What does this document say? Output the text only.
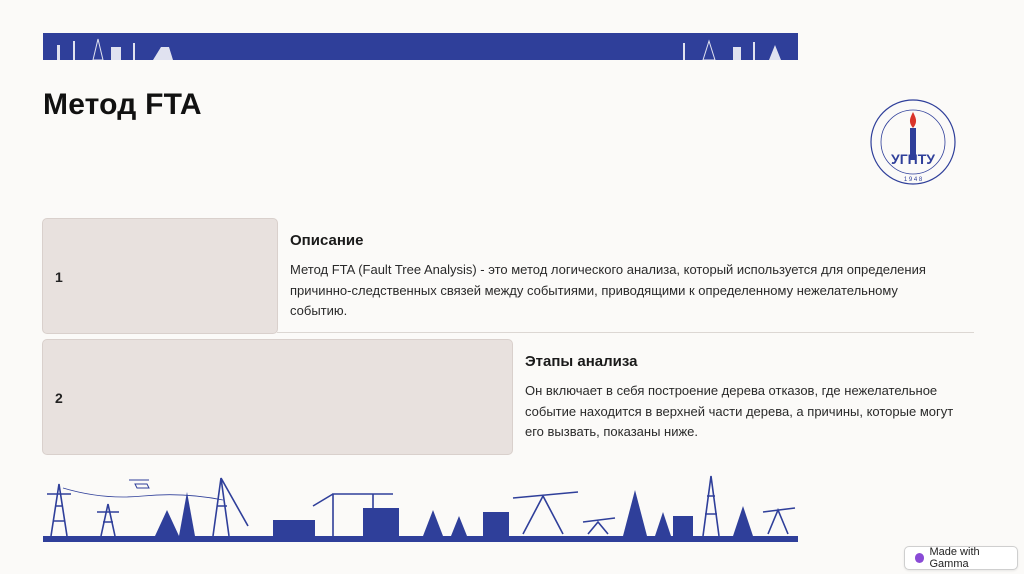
Метод FTA
УГНТУ
1 9 4 8
1
Описание
Метод FTA (Fault Tree Analysis) - это метод логического анализа, который используется для определения
причинно-следственных связей между событиями, приводящими к определенному нежелательному
событию.
2
Этапы анализа
Он включает в себя построение дерева отказов, где нежелательное
событие находится в верхней части дерева, а причины, которые могут
его вызвать, показаны ниже.
Made with Gamma
